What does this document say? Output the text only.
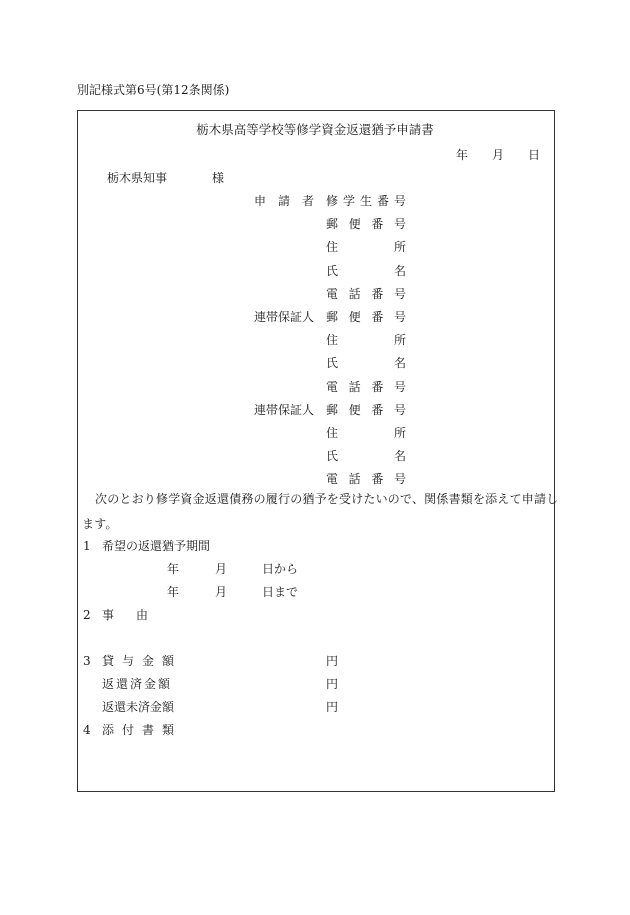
別記様式第6号(第12条関係)
栃木県高等学校等修学資金返還猶予申請書
年 月 日
栃木県知事	様
申　請　者 修 学 生 番 号
郵 便 番 号
住	所
氏	名
電 話 番 号
連帯保証人 郵 便 番 号
住	所
氏	名
電 話 番 号
連帯保証人 郵 便 番 号
住	所
氏	名
電 話 番 号
次のとおり修学資金返還債務の履行の猶予を受けたいので、関係書類を添えて申請し
ます。
1 希望の返還猶予期間
年	月	日から
年	月	日まで
2 事 由
3 貸 与 金 額	円
返還済金額	円
返還未済金額	円
4 添 付 書 類
